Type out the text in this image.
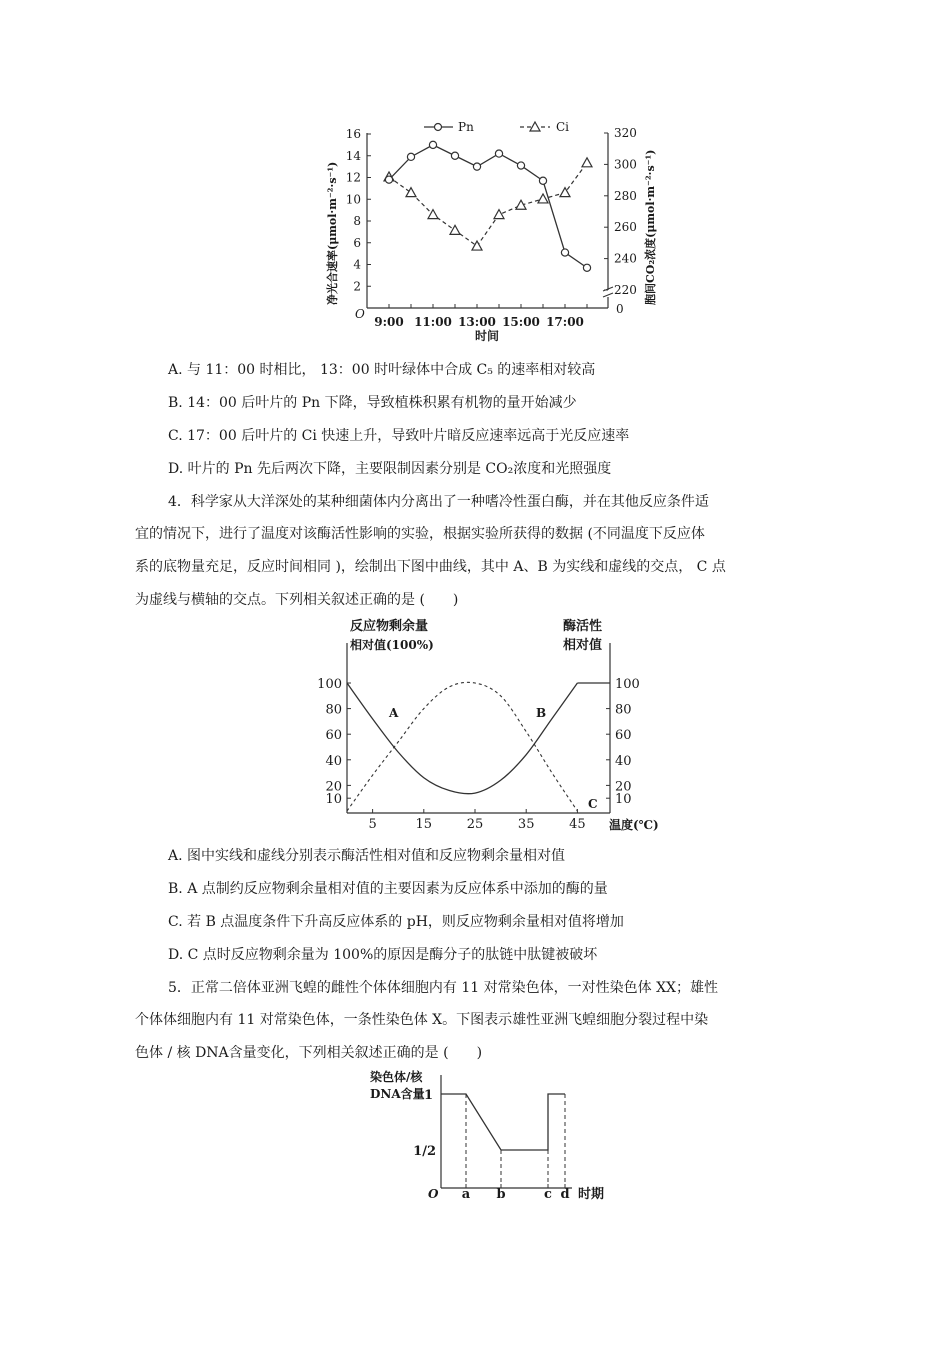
Pn	Ci
2
4
6
8
10
12
14
16
220
240
260
280
300
320
9:00 11:00 13:00 15:00 17:00
O	0
时间
净光合速率(μmol·m⁻²·s⁻¹)	胞间CO₂浓度(μmol·m⁻²·s⁻¹)
A. 与 11：00 时相比， 13：00 时叶绿体中合成 C₅ 的速率相对较高
B. 14：00 后叶片的 Pn 下降，导致植株积累有机物的量开始减少
C. 17：00 后叶片的 Ci 快速上升，导致叶片暗反应速率远高于光反应速率
D. 叶片的 Pn 先后两次下降，主要限制因素分别是 CO₂浓度和光照强度
4．科学家从大洋深处的某种细菌体内分离出了一种嗜冷性蛋白酶，并在其他反应条件适
宜的情况下，进行了温度对该酶活性影响的实验，根据实验所获得的数据 (不同温度下反应体
系的底物量充足，反应时间相同 )，绘制出下图中曲线，其中 A、B 为实线和虚线的交点， C 点
为虚线与横轴的交点。下列相关叙述正确的是 (　　)
反应物剩余量
相对值(100%)
酶活性
相对值
10	10
20	20
40	40
60	60
80	80
100	100
5	15	25	35	45
A	B
C
温度(℃)
A. 图中实线和虚线分别表示酶活性相对值和反应物剩余量相对值
B. A 点制约反应物剩余量相对值的主要因素为反应体系中添加的酶的量
C. 若 B 点温度条件下升高反应体系的 pH，则反应物剩余量相对值将增加
D. C 点时反应物剩余量为 100%的原因是酶分子的肽链中肽键被破坏
5．正常二倍体亚洲飞蝗的雌性个体体细胞内有 11 对常染色体，一对性染色体 XX；雄性
个体体细胞内有 11 对常染色体，一条性染色体 X。下图表示雄性亚洲飞蝗细胞分裂过程中染
色体 / 核 DNA含量变化，下列相关叙述正确的是 (　　)
染色体/核
DNA含量 1
1/2
a b	c d
O	时期
